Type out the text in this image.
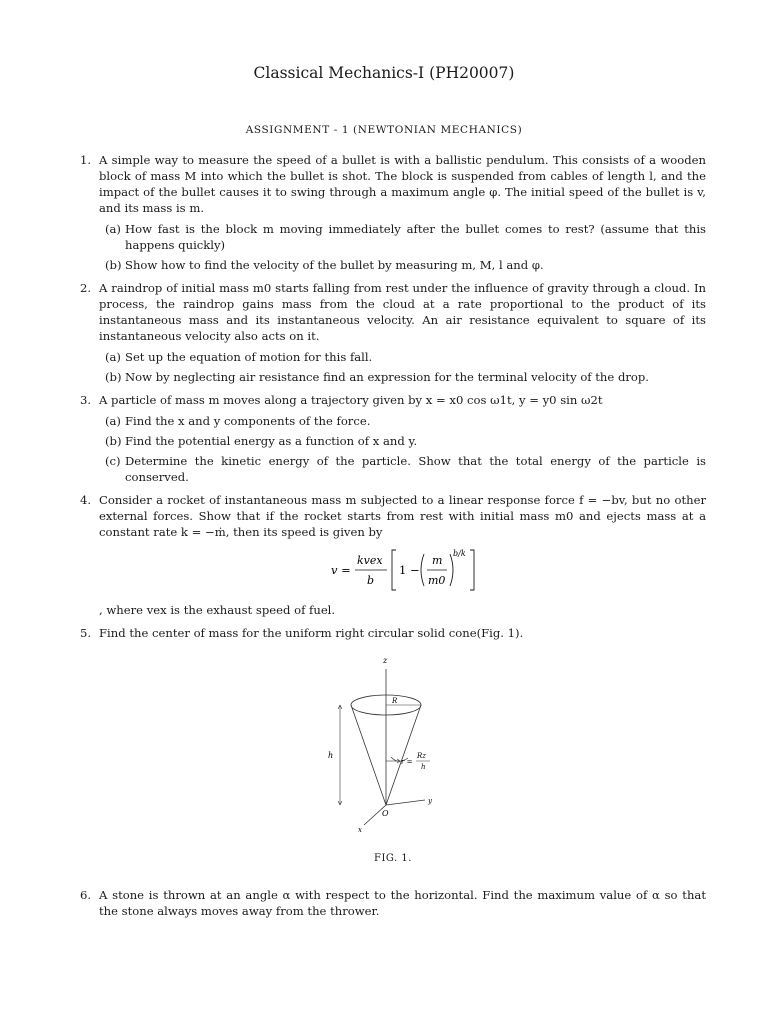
Classical Mechanics-I (PH20007)
ASSIGNMENT - 1 (NEWTONIAN MECHANICS)
1. A simple way to measure the speed of a bullet is with a ballistic pendulum. This consists of a wooden block of mass M into which the bullet is shot. The block is suspended from cables of length l, and the impact of the bullet causes it to swing through a maximum angle φ. The initial speed of the bullet is v, and its mass is m.
(a) How fast is the block m moving immediately after the bullet comes to rest? (assume that this happens quickly)
(b) Show how to find the velocity of the bullet by measuring m, M, l and φ.
2. A raindrop of initial mass m0 starts falling from rest under the influence of gravity through a cloud. In process, the raindrop gains mass from the cloud at a rate proportional to the product of its instantaneous mass and its instantaneous velocity. An air resistance equivalent to square of its instantaneous velocity also acts on it.
(a) Set up the equation of motion for this fall.
(b) Now by neglecting air resistance find an expression for the terminal velocity of the drop.
3. A particle of mass m moves along a trajectory given by x = x0 cos ω1t, y = y0 sin ω2t
(a) Find the x and y components of the force.
(b) Find the potential energy as a function of x and y.
(c) Determine the kinetic energy of the particle. Show that the total energy of the particle is conserved.
4. Consider a rocket of instantaneous mass m subjected to a linear response force f = −bv, but no other external forces. Show that if the rocket starts from rest with initial mass m0 and ejects mass at a constant rate k = −ṁ, then its speed is given by
v =
kvex
b
1 −
m
m0
b/k
, where vex is the exhaust speed of fuel.
5. Find the center of mass for the uniform right circular solid cone(Fig. 1).
z
R
r =
Rz
h
h
y
x
O
FIG. 1.
6. A stone is thrown at an angle α with respect to the horizontal. Find the maximum value of α so that the stone always moves away from the thrower.
